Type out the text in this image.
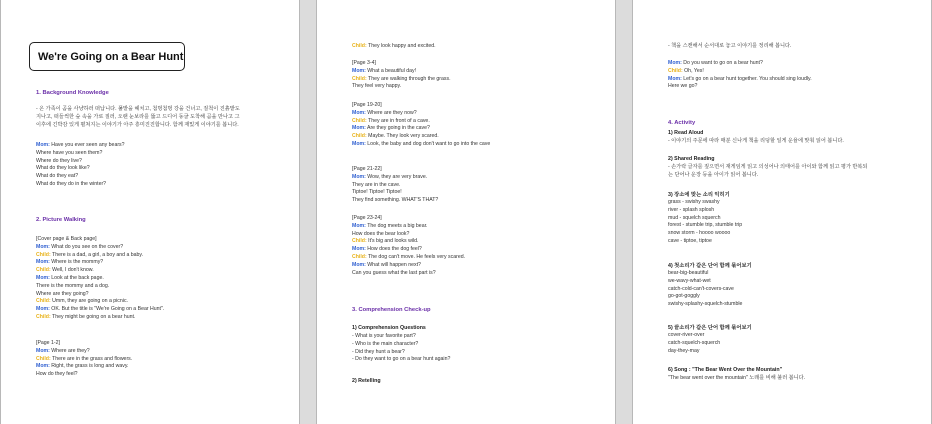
We're Going on a Bear Hunt
1. Background Knowledge
- 온 가족이 곰을 사냥하러 떠납니다. 풀밭을 헤치고, 첨벙첨벙 강을 건너고, 질척이 진흙밭도
지나고, 떠들썩한 숲 속을 가로 질러, 오랜 눈보라를 뚫고 드디어 동굴 도착해 곰을 만나고 그
이후에 긴박감 있게 펼쳐지는 이야기가 아주 흥미진진합니다. 함께 재밌게 이야기를 봅니다.
Mom: Have you ever seen any bears?
Where have you seen them?
Where do they live?
What do they look like?
What do they eat?
What do they do in the winter?
2. Picture Walking
[Cover page & Back page]
Mom: What do you see on the cover?
Child: There is a dad, a girl, a boy and a baby.
Mom: Where is the mommy?
Child: Well, I don't know.
Mom: Look at the back page.
There is the mommy and a dog.
Where are they going?
Child: Umm, they are going on a picnic.
Mom: OK. But the title is "We're Going on a Bear Hunt".
Child: They might be going on a bear hunt.
[Page 1-2]
Mom: Where are they?
Child: There are in the grass and flowers.
Mom: Right, the grass is long and wavy.
How do they feel?
Child: They look happy and excited.
[Page 3-4]
Mom: What a beautiful day!
Child: They are walking through the grass.
They feel very happy.
[Page 19-20]
Mom: Where are they now?
Child: They are in front of a cave.
Mom: Are they going in the cave?
Child: Maybe. They look very scared.
Mom: Look, the baby and dog don't want to go into the cave
[Page 21-22]
Mom: Wow, they are very brave.
They are in the cave.
Tiptoe! Tiptoe! Tiptoe!
They find something. WHAT'S THAT?
[Page 23-24]
Mom: The dog meets a big bear.
How does the bear look?
Child: It's big and looks wild.
Mom: How does the dog feel?
Child: The dog can't move. He feels very scared.
Mom: What will happen next?
Can you guess what the last part is?
3. Comprehension Check-up
1) Comprehension Questions
- What is your favorite part?
- Who is the main character?
- Did they hunt a bear?
- Do they want to go on a bear hunt again?
2) Retelling
- 책을 스캔해서 순서대로 놓고 이야기를 정리해 봅니다.
Mom: Do you want to go on a bear hunt?
Child: Oh, Yes!
Mom: Let's go on a bear hunt together. You should sing loudly.
Here we go?
4. Activity
1) Read Aloud
- 이야기의 주문에 따라 매분 신나게 책을 리딩할 일게 운율에 맞춰 읽어 봅니다.
2) Shared Reading
- 손가락 글자를 짚으면서 재게임게 읽고 의성어나 의태어를 아이와 함께 읽고 평가 반복되
는 단어나 운장 등을 아이가 읽어 봅니다.
3) 장소에 맞는 소리 익히기
grass - swishy swashy
river - splash splosh
mud - squelch squerch
forest - stumble trip, stumble trip
snow storm - hoooo woooo
cave - tiptoe, tiptoe
4) 첫소리가 같은 단어 함께 묶어보기
bear-big-beautiful
we-wavy-what-wet
catch-cold-can't-covers-cave
go-got-goggly
swishy-splashy-squelch-stumble
5) 끝소리가 같은 단어 함께 묶어보기
cover-river-over
catch-squelch-squerch
day-they-may
6) Song : "The Bear Went Over the Mountain"
"The bear went over the mountain" 노래를 비해 불러 봅니다.
